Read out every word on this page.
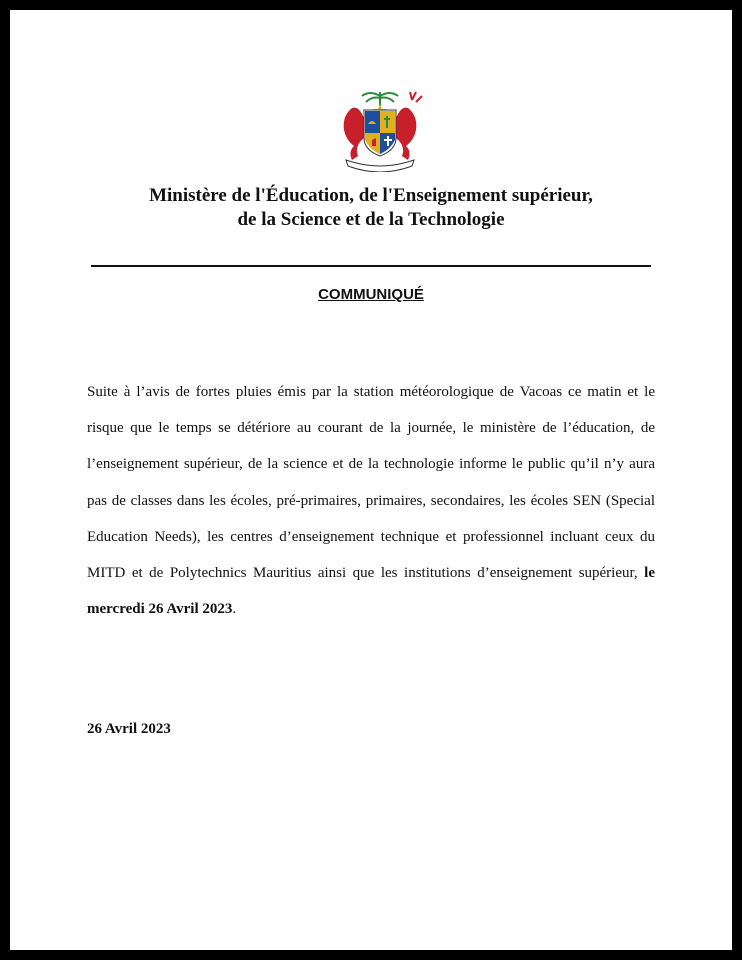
Ministère de l'Éducation, de l'Enseignement supérieur,
de la Science et de la Technologie
COMMUNIQUÉ
Suite à l’avis de fortes pluies émis par la station météorologique de Vacoas ce matin et le risque que le temps se détériore au courant de la journée, le ministère de l’éducation, de l’enseignement supérieur, de la science et de la technologie informe le public qu’il n’y aura pas de classes dans les écoles, pré-primaires, primaires, secondaires, les écoles SEN (Special Education Needs), les centres d’enseignement technique et professionnel incluant ceux du MITD et de Polytechnics Mauritius ainsi que les institutions d’enseignement supérieur, le mercredi 26 Avril 2023.
26 Avril 2023
